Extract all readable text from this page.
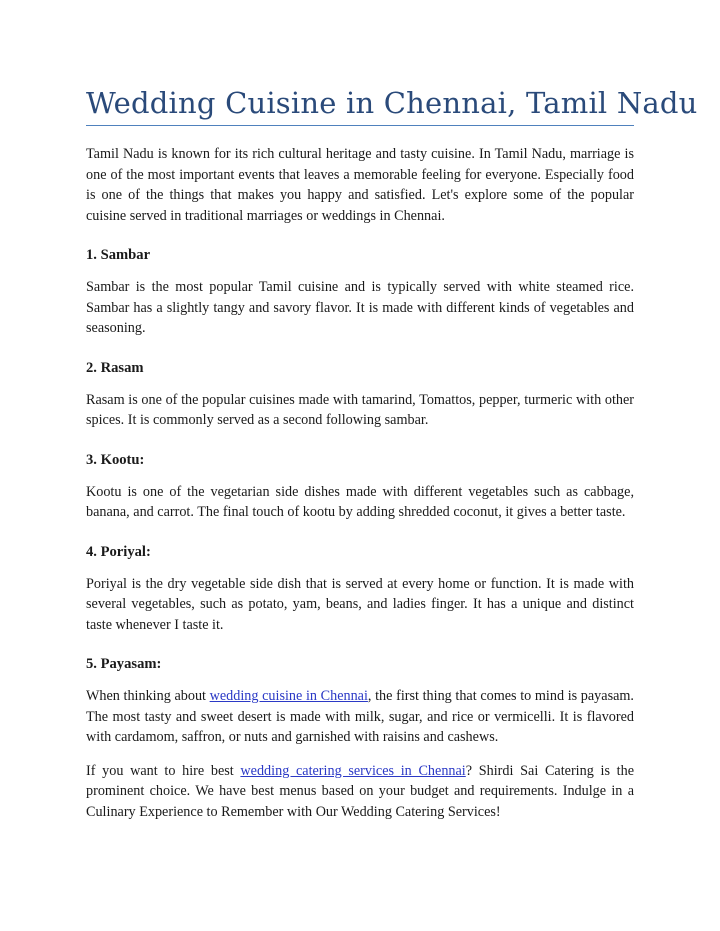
Wedding Cuisine in Chennai, Tamil Nadu

Tamil Nadu is known for its rich cultural heritage and tasty cuisine. In Tamil Nadu, marriage is one of the most important events that leaves a memorable feeling for everyone. Especially food is one of the things that makes you happy and satisfied. Let's explore some of the popular cuisine served in traditional marriages or weddings in Chennai.

1. Sambar

Sambar is the most popular Tamil cuisine and is typically served with white steamed rice. Sambar has a slightly tangy and savory flavor. It is made with different kinds of vegetables and seasoning.

2. Rasam

Rasam is one of the popular cuisines made with tamarind, Tomattos, pepper, turmeric with other spices. It is commonly served as a second following sambar.

3. Kootu:

Kootu is one of the vegetarian side dishes made with different vegetables such as cabbage, banana, and carrot. The final touch of kootu by adding shredded coconut, it gives a better taste.

4. Poriyal:

Poriyal is the dry vegetable side dish that is served at every home or function. It is made with several vegetables, such as potato, yam, beans, and ladies finger. It has a unique and distinct taste whenever I taste it.

5. Payasam:

When thinking about wedding cuisine in Chennai, the first thing that comes to mind is payasam. The most tasty and sweet desert is made with milk, sugar, and rice or vermicelli. It is flavored with cardamom, saffron, or nuts and garnished with raisins and cashews.

If you want to hire best wedding catering services in Chennai? Shirdi Sai Catering is the prominent choice. We have best menus based on your budget and requirements. Indulge in a Culinary Experience to Remember with Our Wedding Catering Services!
